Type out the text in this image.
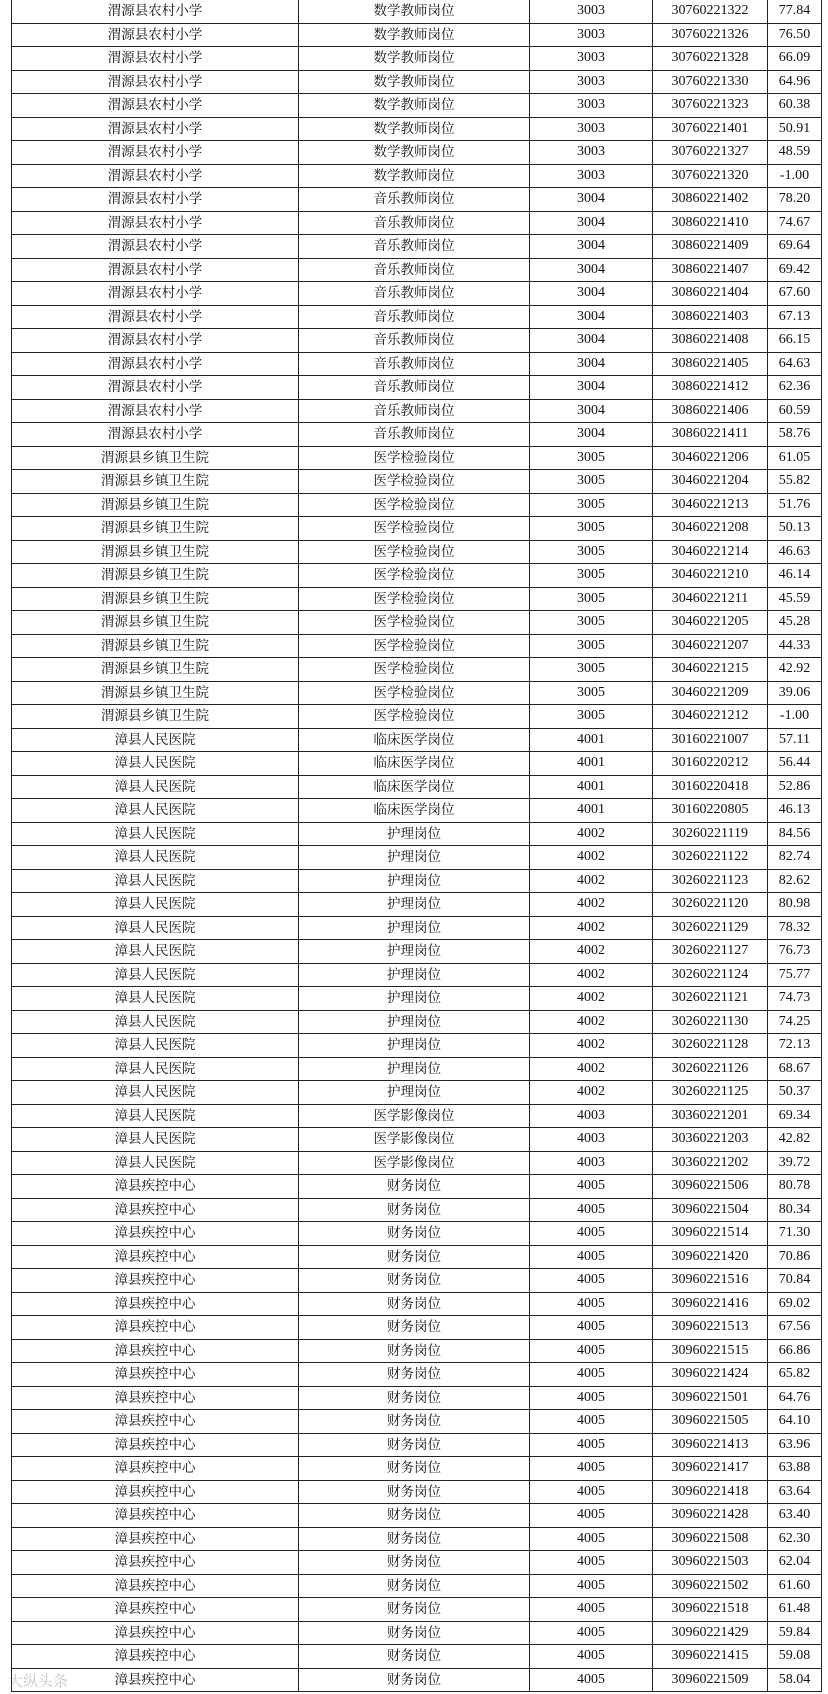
渭源县农村小学	数学教师岗位	3003	30760221322	77.84
渭源县农村小学	数学教师岗位	3003	30760221326	76.50
渭源县农村小学	数学教师岗位	3003	30760221328	66.09
渭源县农村小学	数学教师岗位	3003	30760221330	64.96
渭源县农村小学	数学教师岗位	3003	30760221323	60.38
渭源县农村小学	数学教师岗位	3003	30760221401	50.91
渭源县农村小学	数学教师岗位	3003	30760221327	48.59
渭源县农村小学	数学教师岗位	3003	30760221320	-1.00
渭源县农村小学	音乐教师岗位	3004	30860221402	78.20
渭源县农村小学	音乐教师岗位	3004	30860221410	74.67
渭源县农村小学	音乐教师岗位	3004	30860221409	69.64
渭源县农村小学	音乐教师岗位	3004	30860221407	69.42
渭源县农村小学	音乐教师岗位	3004	30860221404	67.60
渭源县农村小学	音乐教师岗位	3004	30860221403	67.13
渭源县农村小学	音乐教师岗位	3004	30860221408	66.15
渭源县农村小学	音乐教师岗位	3004	30860221405	64.63
渭源县农村小学	音乐教师岗位	3004	30860221412	62.36
渭源县农村小学	音乐教师岗位	3004	30860221406	60.59
渭源县农村小学	音乐教师岗位	3004	30860221411	58.76
渭源县乡镇卫生院	医学检验岗位	3005	30460221206	61.05
渭源县乡镇卫生院	医学检验岗位	3005	30460221204	55.82
渭源县乡镇卫生院	医学检验岗位	3005	30460221213	51.76
渭源县乡镇卫生院	医学检验岗位	3005	30460221208	50.13
渭源县乡镇卫生院	医学检验岗位	3005	30460221214	46.63
渭源县乡镇卫生院	医学检验岗位	3005	30460221210	46.14
渭源县乡镇卫生院	医学检验岗位	3005	30460221211	45.59
渭源县乡镇卫生院	医学检验岗位	3005	30460221205	45.28
渭源县乡镇卫生院	医学检验岗位	3005	30460221207	44.33
渭源县乡镇卫生院	医学检验岗位	3005	30460221215	42.92
渭源县乡镇卫生院	医学检验岗位	3005	30460221209	39.06
渭源县乡镇卫生院	医学检验岗位	3005	30460221212	-1.00
漳县人民医院	临床医学岗位	4001	30160221007	57.11
漳县人民医院	临床医学岗位	4001	30160220212	56.44
漳县人民医院	临床医学岗位	4001	30160220418	52.86
漳县人民医院	临床医学岗位	4001	30160220805	46.13
漳县人民医院	护理岗位	4002	30260221119	84.56
漳县人民医院	护理岗位	4002	30260221122	82.74
漳县人民医院	护理岗位	4002	30260221123	82.62
漳县人民医院	护理岗位	4002	30260221120	80.98
漳县人民医院	护理岗位	4002	30260221129	78.32
漳县人民医院	护理岗位	4002	30260221127	76.73
漳县人民医院	护理岗位	4002	30260221124	75.77
漳县人民医院	护理岗位	4002	30260221121	74.73
漳县人民医院	护理岗位	4002	30260221130	74.25
漳县人民医院	护理岗位	4002	30260221128	72.13
漳县人民医院	护理岗位	4002	30260221126	68.67
漳县人民医院	护理岗位	4002	30260221125	50.37
漳县人民医院	医学影像岗位	4003	30360221201	69.34
漳县人民医院	医学影像岗位	4003	30360221203	42.82
漳县人民医院	医学影像岗位	4003	30360221202	39.72
漳县疾控中心	财务岗位	4005	30960221506	80.78
漳县疾控中心	财务岗位	4005	30960221504	80.34
漳县疾控中心	财务岗位	4005	30960221514	71.30
漳县疾控中心	财务岗位	4005	30960221420	70.86
漳县疾控中心	财务岗位	4005	30960221516	70.84
漳县疾控中心	财务岗位	4005	30960221416	69.02
漳县疾控中心	财务岗位	4005	30960221513	67.56
漳县疾控中心	财务岗位	4005	30960221515	66.86
漳县疾控中心	财务岗位	4005	30960221424	65.82
漳县疾控中心	财务岗位	4005	30960221501	64.76
漳县疾控中心	财务岗位	4005	30960221505	64.10
漳县疾控中心	财务岗位	4005	30960221413	63.96
漳县疾控中心	财务岗位	4005	30960221417	63.88
漳县疾控中心	财务岗位	4005	30960221418	63.64
漳县疾控中心	财务岗位	4005	30960221428	63.40
漳县疾控中心	财务岗位	4005	30960221508	62.30
漳县疾控中心	财务岗位	4005	30960221503	62.04
漳县疾控中心	财务岗位	4005	30960221502	61.60
漳县疾控中心	财务岗位	4005	30960221518	61.48
漳县疾控中心	财务岗位	4005	30960221429	59.84
漳县疾控中心	财务岗位	4005	30960221415	59.08
漳县疾控中心	财务岗位	4005	30960221509	58.04
大纵头条
